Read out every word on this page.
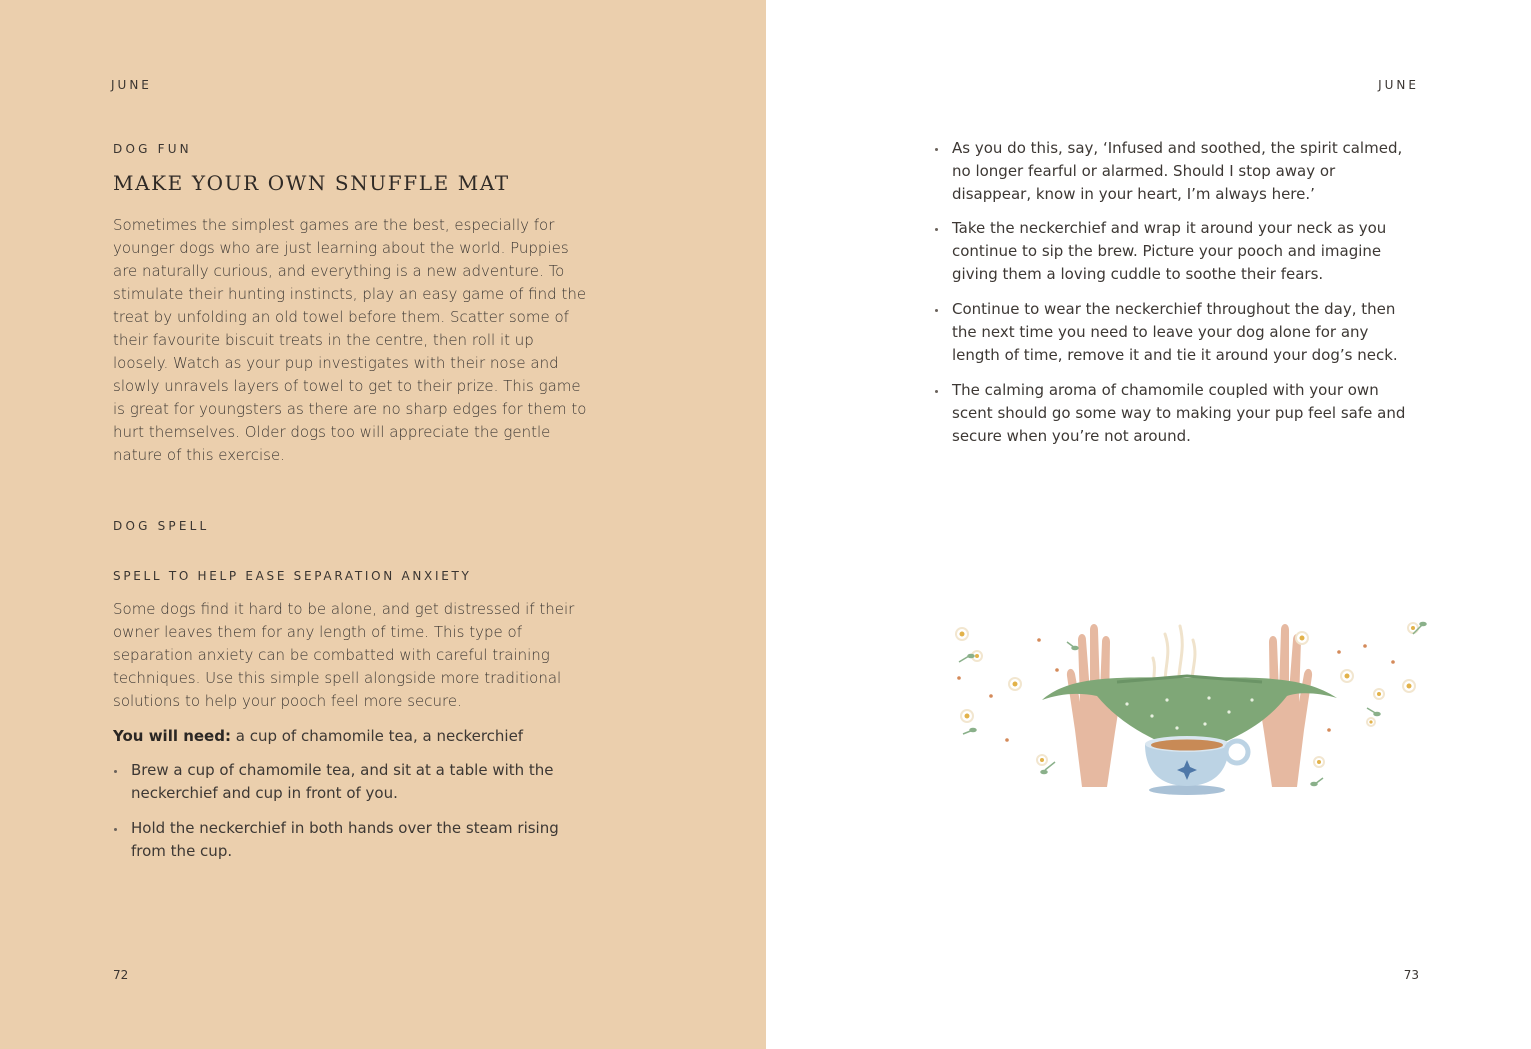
JUNE

DOG FUN

MAKE YOUR OWN SNUFFLE MAT

Sometimes the simplest games are the best, especially for younger dogs who are just learning about the world. Puppies are naturally curious, and everything is a new adventure. To stimulate their hunting instincts, play an easy game of find the treat by unfolding an old towel before them. Scatter some of their favourite biscuit treats in the centre, then roll it up loosely. Watch as your pup investigates with their nose and slowly unravels layers of towel to get to their prize. This game is great for youngsters as there are no sharp edges for them to hurt themselves. Older dogs too will appreciate the gentle nature of this exercise.

DOG SPELL

SPELL TO HELP EASE SEPARATION ANXIETY

Some dogs find it hard to be alone, and get distressed if their owner leaves them for any length of time. This type of separation anxiety can be combatted with careful training techniques. Use this simple spell alongside more traditional solutions to help your pooch feel more secure.

You will need: a cup of chamomile tea, a neckerchief

Brew a cup of chamomile tea, and sit at a table with the neckerchief and cup in front of you.
Hold the neckerchief in both hands over the steam rising from the cup.

72

JUNE

As you do this, say, ‘Infused and soothed, the spirit calmed, no longer fearful or alarmed. Should I stop away or disappear, know in your heart, I’m always here.’
Take the neckerchief and wrap it around your neck as you continue to sip the brew. Picture your pooch and imagine giving them a loving cuddle to soothe their fears.
Continue to wear the neckerchief throughout the day, then the next time you need to leave your dog alone for any length of time, remove it and tie it around your dog’s neck.
The calming aroma of chamomile coupled with your own scent should go some way to making your pup feel safe and secure when you’re not around.

73
